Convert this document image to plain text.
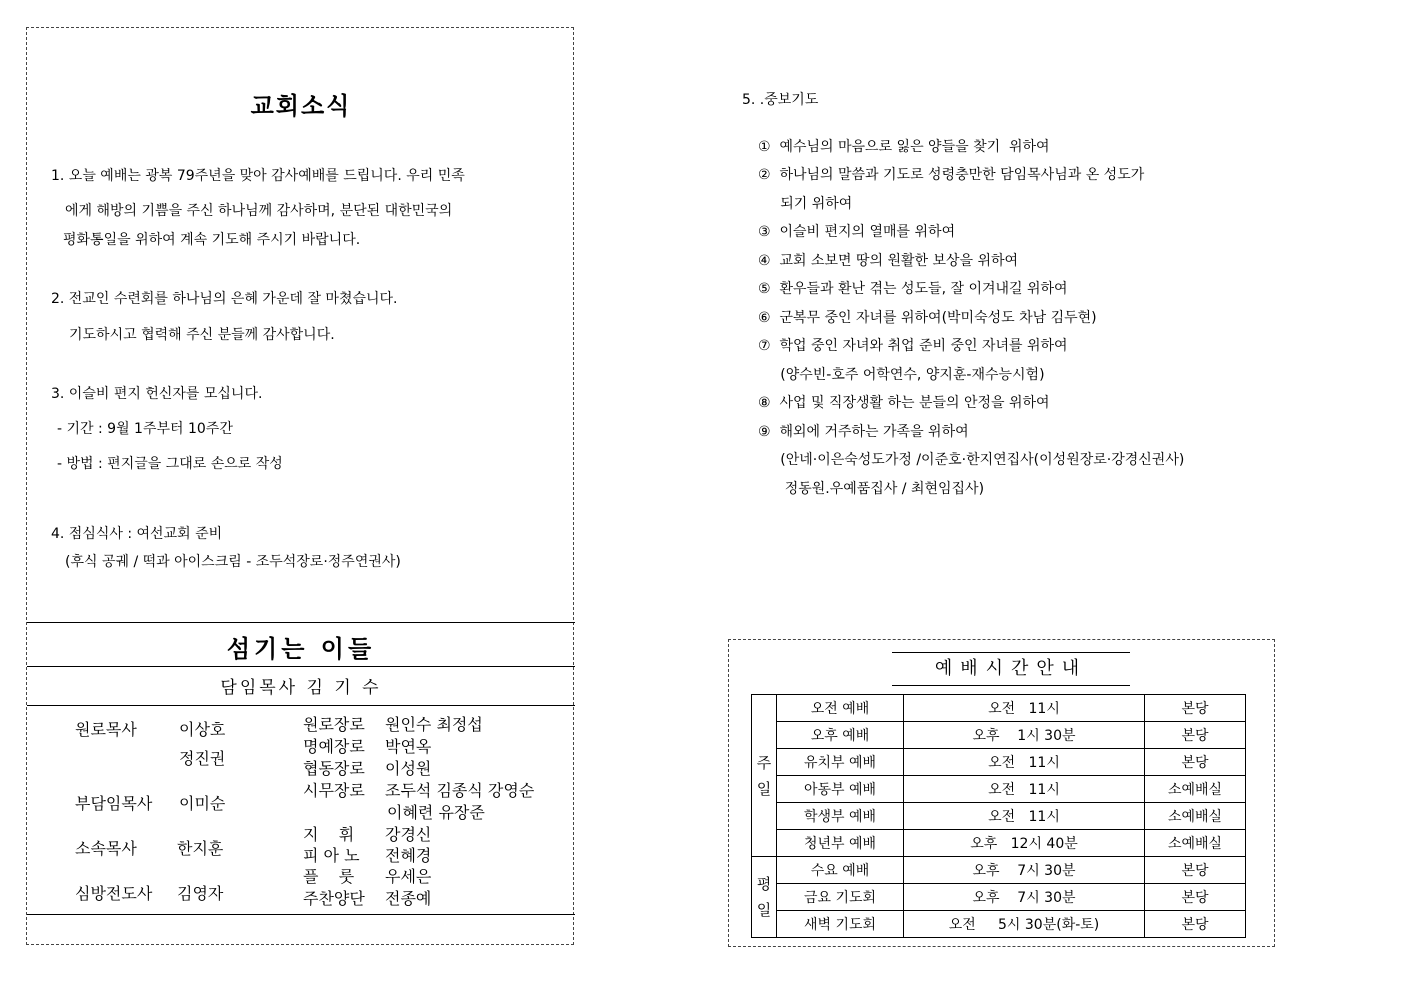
교회소식
1. 오늘 예배는 광복 79주년을 맞아 감사예배를 드립니다. 우리 민족
에게 해방의 기쁨을 주신 하나님께 감사하며, 분단된 대한민국의
평화통일을 위하여 계속 기도해 주시기 바랍니다.
2. 전교인 수련회를 하나님의 은혜 가운데 잘 마쳤습니다.
기도하시고 협력해 주신 분들께 감사합니다.
3. 이슬비 편지 헌신자를 모십니다.
- 기간 : 9월 1주부터 10주간
- 방법 : 편지글을 그대로 손으로 작성
4. 점심식사 : 여선교회 준비
(후식 공궤 / 떡과 아이스크림 - 조두석장로·정주연권사)
섬기는 이들
담임목사 김 기 수
원로목사	이상호
정진권
부담임목사 이미순
소속목사	한지훈
심방전도사 김영자
원로장로 원인수 최정섭
명예장로 박연옥
협동장로 이성원
시무장로 조두석 김종식 강영순
이혜련 유장준
지    휘 강경신
피 아 노 전혜경
플    룻 우세은
주찬양단 전종예
5. .중보기도
①  예수님의 마음으로 잃은 양들을 찾기  위하여
②  하나님의 말씀과 기도로 성령충만한 담임목사님과 온 성도가
되기 위하여
③  이슬비 편지의 열매를 위하여
④  교회 소보면 땅의 원활한 보상을 위하여
⑤  환우들과 환난 겪는 성도들, 잘 이겨내길 위하여
⑥  군복무 중인 자녀를 위하여(박미숙성도 차남 김두현)
⑦  학업 중인 자녀와 취업 준비 중인 자녀를 위하여
(양수빈-호주 어학연수, 양지훈-재수능시험)
⑧  사업 및 직장생활 하는 분들의 안정을 위하여
⑨  해외에 거주하는 가족을 위하여
(안네·이은숙성도가정 /이준호·한지연집사(이성원장로·강경신권사)
정동원.우예품집사 / 최현임집사)
예배시간안내
주
일	오전 예배	오전   11시	본당
	오후 예배	오후    1시 30분	본당
	유치부 예배	오전   11시	본당
	아동부 예배	오전   11시	소예배실
	학생부 예배	오전   11시	소예배실
	청년부 예배	오후   12시 40분	소예배실
평
일	수요 예배	오후    7시 30분	본당
	금요 기도회	오후    7시 30분	본당
	새벽 기도회	오전     5시 30분(화-토)	본당
